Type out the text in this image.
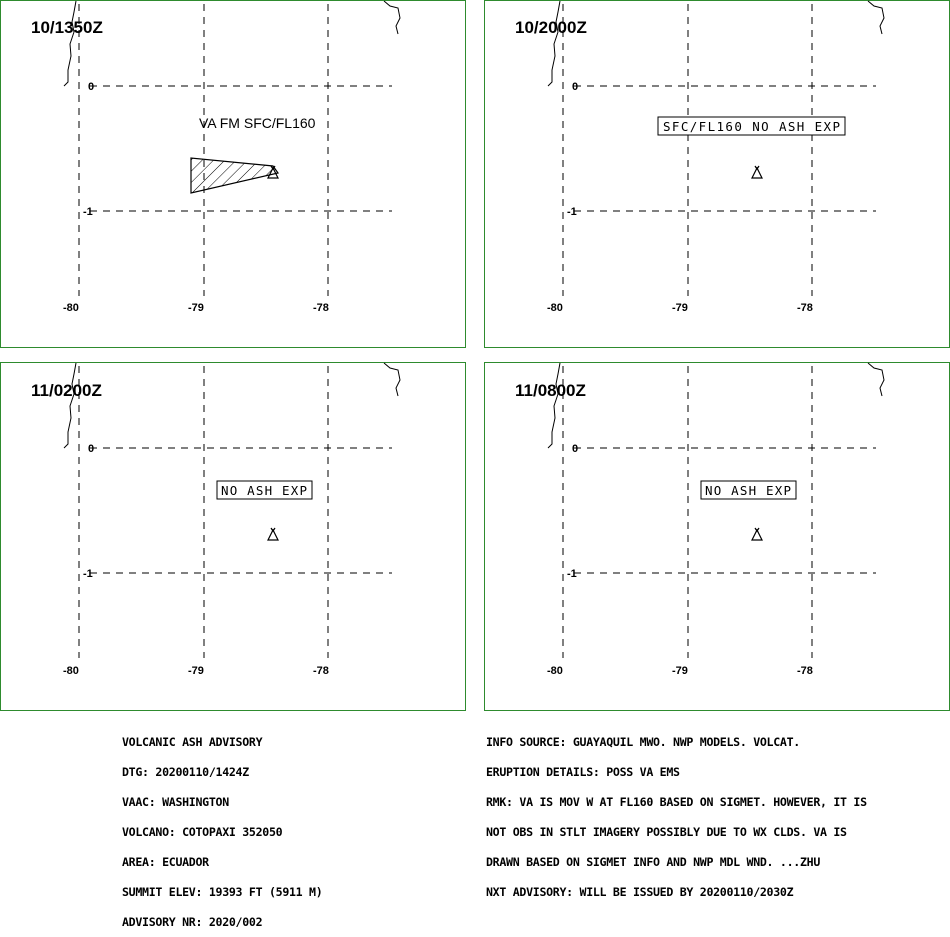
0
-1
-80	-79	-78
10/1350Z
VA FM SFC/FL160
0
-1
-80	-79	-78
10/2000Z
SFC/FL160 NO ASH EXP
0
-1
-80	-79	-78
11/0200Z
NO ASH EXP
0
-1
-80	-79	-78
11/0800Z
NO ASH EXP

VOLCANIC ASH ADVISORY

DTG: 20200110/1424Z

VAAC: WASHINGTON

VOLCANO: COTOPAXI 352050

AREA: ECUADOR

SUMMIT ELEV: 19393 FT (5911 M)

ADVISORY NR: 2020/002

INFO SOURCE: GUAYAQUIL MWO. NWP MODELS. VOLCAT.

ERUPTION DETAILS: POSS VA EMS

RMK: VA IS MOV W AT FL160 BASED ON SIGMET. HOWEVER, IT IS

NOT OBS IN STLT IMAGERY POSSIBLY DUE TO WX CLDS. VA IS

DRAWN BASED ON SIGMET INFO AND NWP MDL WND. ...ZHU

NXT ADVISORY: WILL BE ISSUED BY 20200110/2030Z
